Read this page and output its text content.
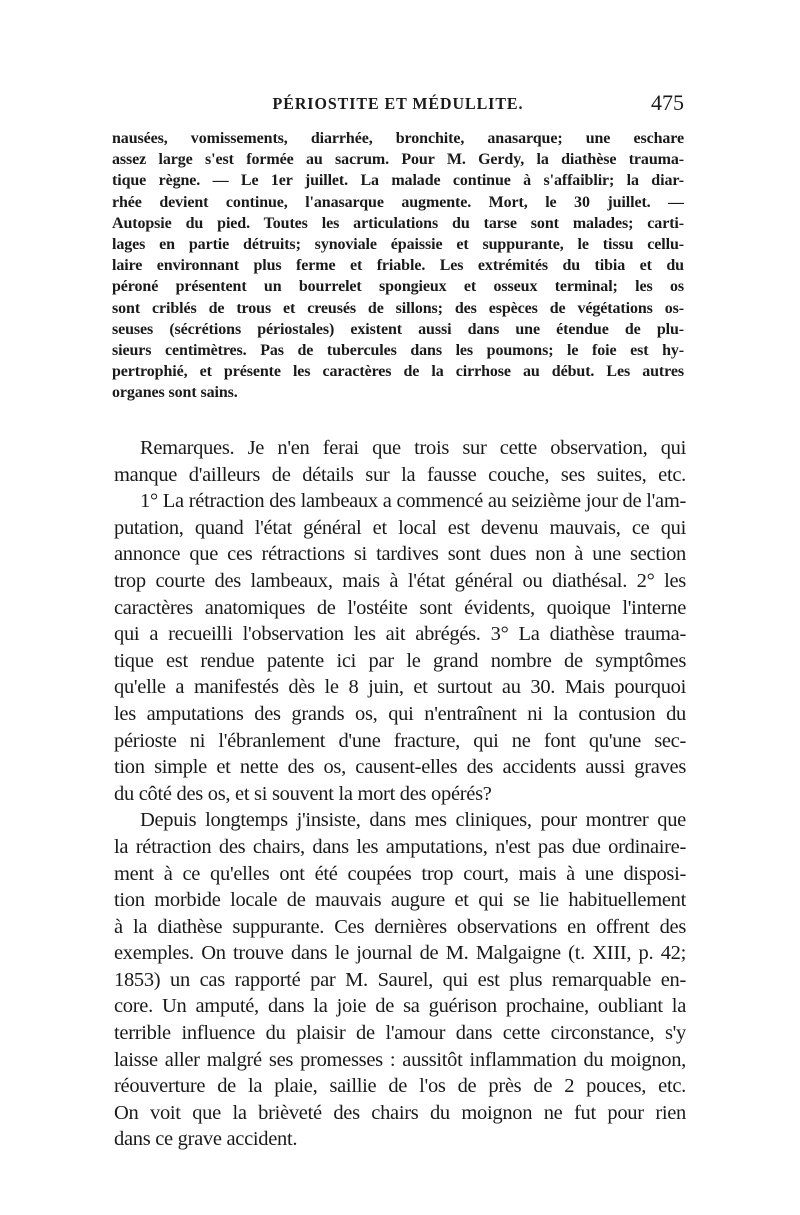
PÉRIOSTITE ET MÉDULLITE.	475
nausées, vomissements, diarrhée, bronchite, anasarque; une eschare
assez large s'est formée au sacrum. Pour M. Gerdy, la diathèse trauma-
tique règne. — Le 1er juillet. La malade continue à s'affaiblir; la diar-
rhée devient continue, l'anasarque augmente. Mort, le 30 juillet. —
Autopsie du pied. Toutes les articulations du tarse sont malades; carti-
lages en partie détruits; synoviale épaissie et suppurante, le tissu cellu-
laire environnant plus ferme et friable. Les extrémités du tibia et du
péroné présentent un bourrelet spongieux et osseux terminal; les os
sont criblés de trous et creusés de sillons; des espèces de végétations os-
seuses (sécrétions périostales) existent aussi dans une étendue de plu-
sieurs centimètres. Pas de tubercules dans les poumons; le foie est hy-
pertrophié, et présente les caractères de la cirrhose au début. Les autres
organes sont sains.
Remarques. Je n'en ferai que trois sur cette observation, qui
manque d'ailleurs de détails sur la fausse couche, ses suites, etc.
1° La rétraction des lambeaux a commencé au seizième jour de l'am-
putation, quand l'état général et local est devenu mauvais, ce qui
annonce que ces rétractions si tardives sont dues non à une section
trop courte des lambeaux, mais à l'état général ou diathésal. 2° les
caractères anatomiques de l'ostéite sont évidents, quoique l'interne
qui a recueilli l'observation les ait abrégés. 3° La diathèse trauma-
tique est rendue patente ici par le grand nombre de symptômes
qu'elle a manifestés dès le 8 juin, et surtout au 30. Mais pourquoi
les amputations des grands os, qui n'entraînent ni la contusion du
périoste ni l'ébranlement d'une fracture, qui ne font qu'une sec-
tion simple et nette des os, causent-elles des accidents aussi graves
du côté des os, et si souvent la mort des opérés?
Depuis longtemps j'insiste, dans mes cliniques, pour montrer que
la rétraction des chairs, dans les amputations, n'est pas due ordinaire-
ment à ce qu'elles ont été coupées trop court, mais à une disposi-
tion morbide locale de mauvais augure et qui se lie habituellement
à la diathèse suppurante. Ces dernières observations en offrent des
exemples. On trouve dans le journal de M. Malgaigne (t. XIII, p. 42;
1853) un cas rapporté par M. Saurel, qui est plus remarquable en-
core. Un amputé, dans la joie de sa guérison prochaine, oubliant la
terrible influence du plaisir de l'amour dans cette circonstance, s'y
laisse aller malgré ses promesses : aussitôt inflammation du moignon,
réouverture de la plaie, saillie de l'os de près de 2 pouces, etc.
On voit que la brièveté des chairs du moignon ne fut pour rien
dans ce grave accident.
